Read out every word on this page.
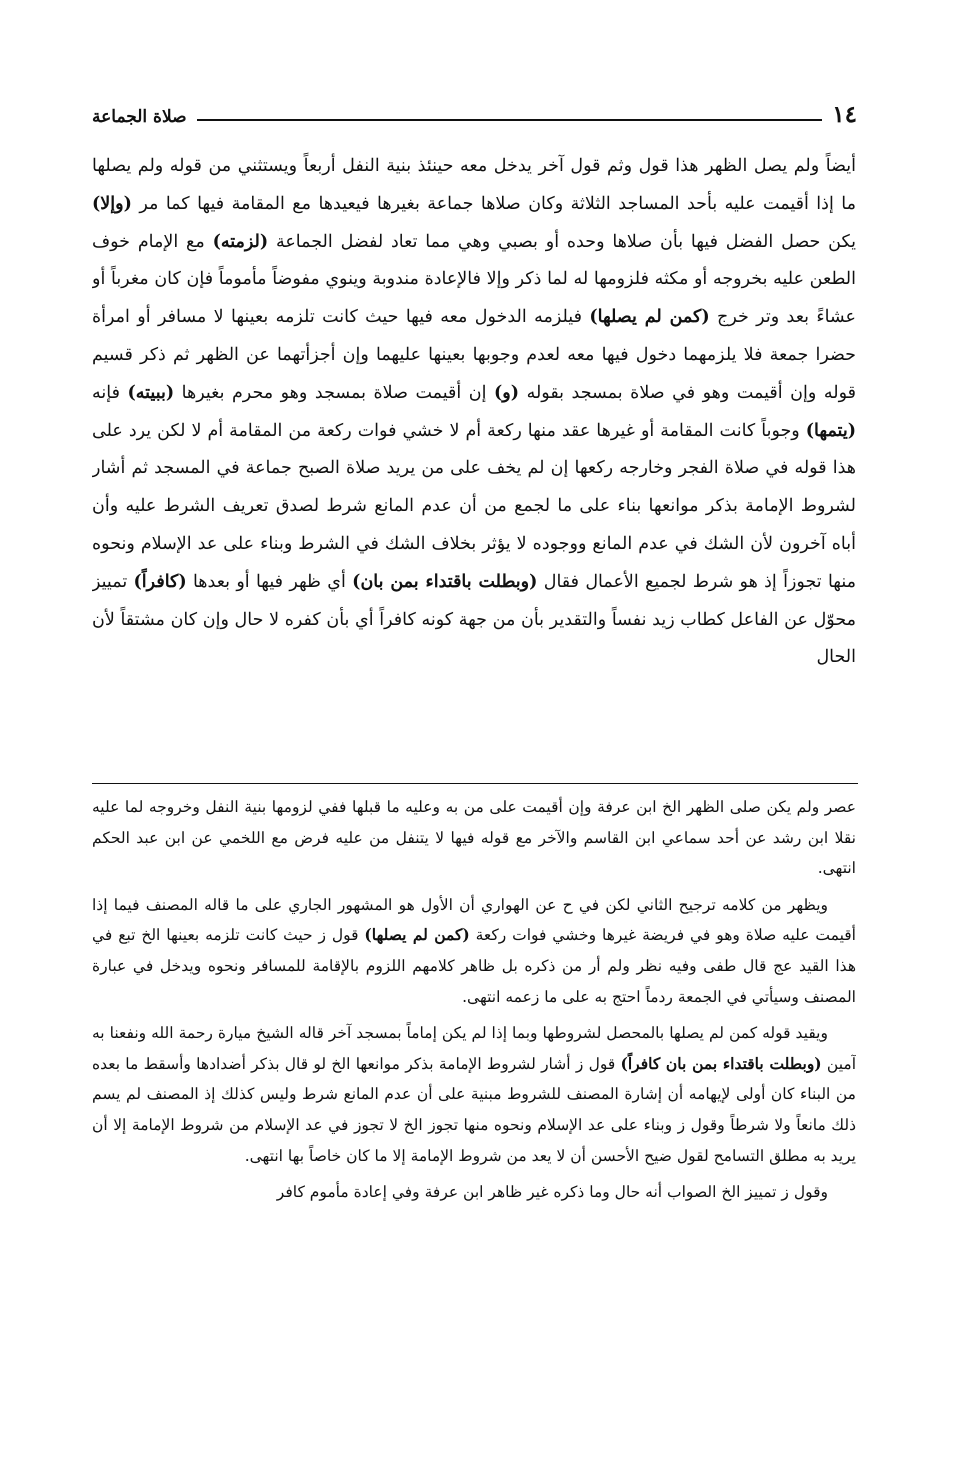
١٤
صلاة الجماعة

أيضاً ولم يصل الظهر هذا قول وثم قول آخر يدخل معه حينئذ بنية النفل أربعاً ويستثني من قوله ولم يصلها ما إذا أقيمت عليه بأحد المساجد الثلاثة وكان صلاها جماعة بغيرها فيعيدها مع المقامة فيها كما مر (وإلا) يكن حصل الفضل فيها بأن صلاها وحده أو بصبي وهي مما تعاد لفضل الجماعة (لزمته) مع الإمام خوف الطعن عليه بخروجه أو مكثه فلزومها له لما ذكر وإلا فالإعادة مندوبة وينوي مفوضاً مأموماً فإن كان مغرباً أو عشاءً بعد وتر خرج (كمن لم يصلها) فيلزمه الدخول معه فيها حيث كانت تلزمه بعينها لا مسافر أو امرأة حضرا جمعة فلا يلزمهما دخول فيها معه لعدم وجوبها بعينها عليهما وإن أجزأتهما عن الظهر ثم ذكر قسيم قوله وإن أقيمت وهو في صلاة بمسجد بقوله (و) إن أقيمت صلاة بمسجد وهو محرم بغيرها (ببيته) فإنه (يتمها) وجوباً كانت المقامة أو غيرها عقد منها ركعة أم لا خشي فوات ركعة من المقامة أم لا لكن يرد على هذا قوله في صلاة الفجر وخارجه ركعها إن لم يخف على من يريد صلاة الصبح جماعة في المسجد ثم أشار لشروط الإمامة بذكر موانعها بناء على ما لجمع من أن عدم المانع شرط لصدق تعريف الشرط عليه وأن أباه آخرون لأن الشك في عدم المانع ووجوده لا يؤثر بخلاف الشك في الشرط وبناء على عد الإسلام ونحوه منها تجوزاً إذ هو شرط لجميع الأعمال فقال (وبطلت باقتداء بمن بان) أي ظهر فيها أو بعدها (كافراً) تمييز محوّل عن الفاعل كطاب زيد نفساً والتقدير بأن من جهة كونه كافراً أي بأن كفره لا حال وإن كان مشتقاً لأن الحال

عصر ولم يكن صلى الظهر الخ ابن عرفة وإن أقيمت على من به وعليه ما قبلها ففي لزومها بنية النفل وخروجه لما عليه نقلا ابن رشد عن أحد سماعي ابن القاسم والآخر مع قوله فيها لا يتنفل من عليه فرض مع اللخمي عن ابن عبد الحكم انتهى.

ويظهر من كلامه ترجيح الثاني لكن في ح عن الهواري أن الأول هو المشهور الجاري على ما قاله المصنف فيما إذا أقيمت عليه صلاة وهو في فريضة غيرها وخشي فوات ركعة (كمن لم يصلها) قول ز حيث كانت تلزمه بعينها الخ تبع في هذا القيد عج قال طفى وفيه نظر ولم أر من ذكره بل ظاهر كلامهم اللزوم بالإقامة للمسافر ونحوه ويدخل في عبارة المصنف وسيأتي في الجمعة ردماً احتج به على ما زعمه انتهى.

ويقيد قوله كمن لم يصلها بالمحصل لشروطها وبما إذا لم يكن إماماً بمسجد آخر قاله الشيخ ميارة رحمة الله ونفعنا به آمين (وبطلت باقتداء بمن بان كافراً) قول ز أشار لشروط الإمامة بذكر موانعها الخ لو قال بذكر أضدادها وأسقط ما بعده من البناء كان أولى لإيهامه أن إشارة المصنف للشروط مبنية على أن عدم المانع شرط وليس كذلك إذ المصنف لم يسم ذلك مانعاً ولا شرطاً وقول ز وبناء على عد الإسلام ونحوه منها تجوز الخ لا تجوز في عد الإسلام من شروط الإمامة إلا أن يريد به مطلق التسامح لقول ضيح الأحسن أن لا يعد من شروط الإمامة إلا ما كان خاصاً بها انتهى.

وقول ز تمييز الخ الصواب أنه حال وما ذكره غير ظاهر ابن عرفة وفي إعادة مأموم كافر
